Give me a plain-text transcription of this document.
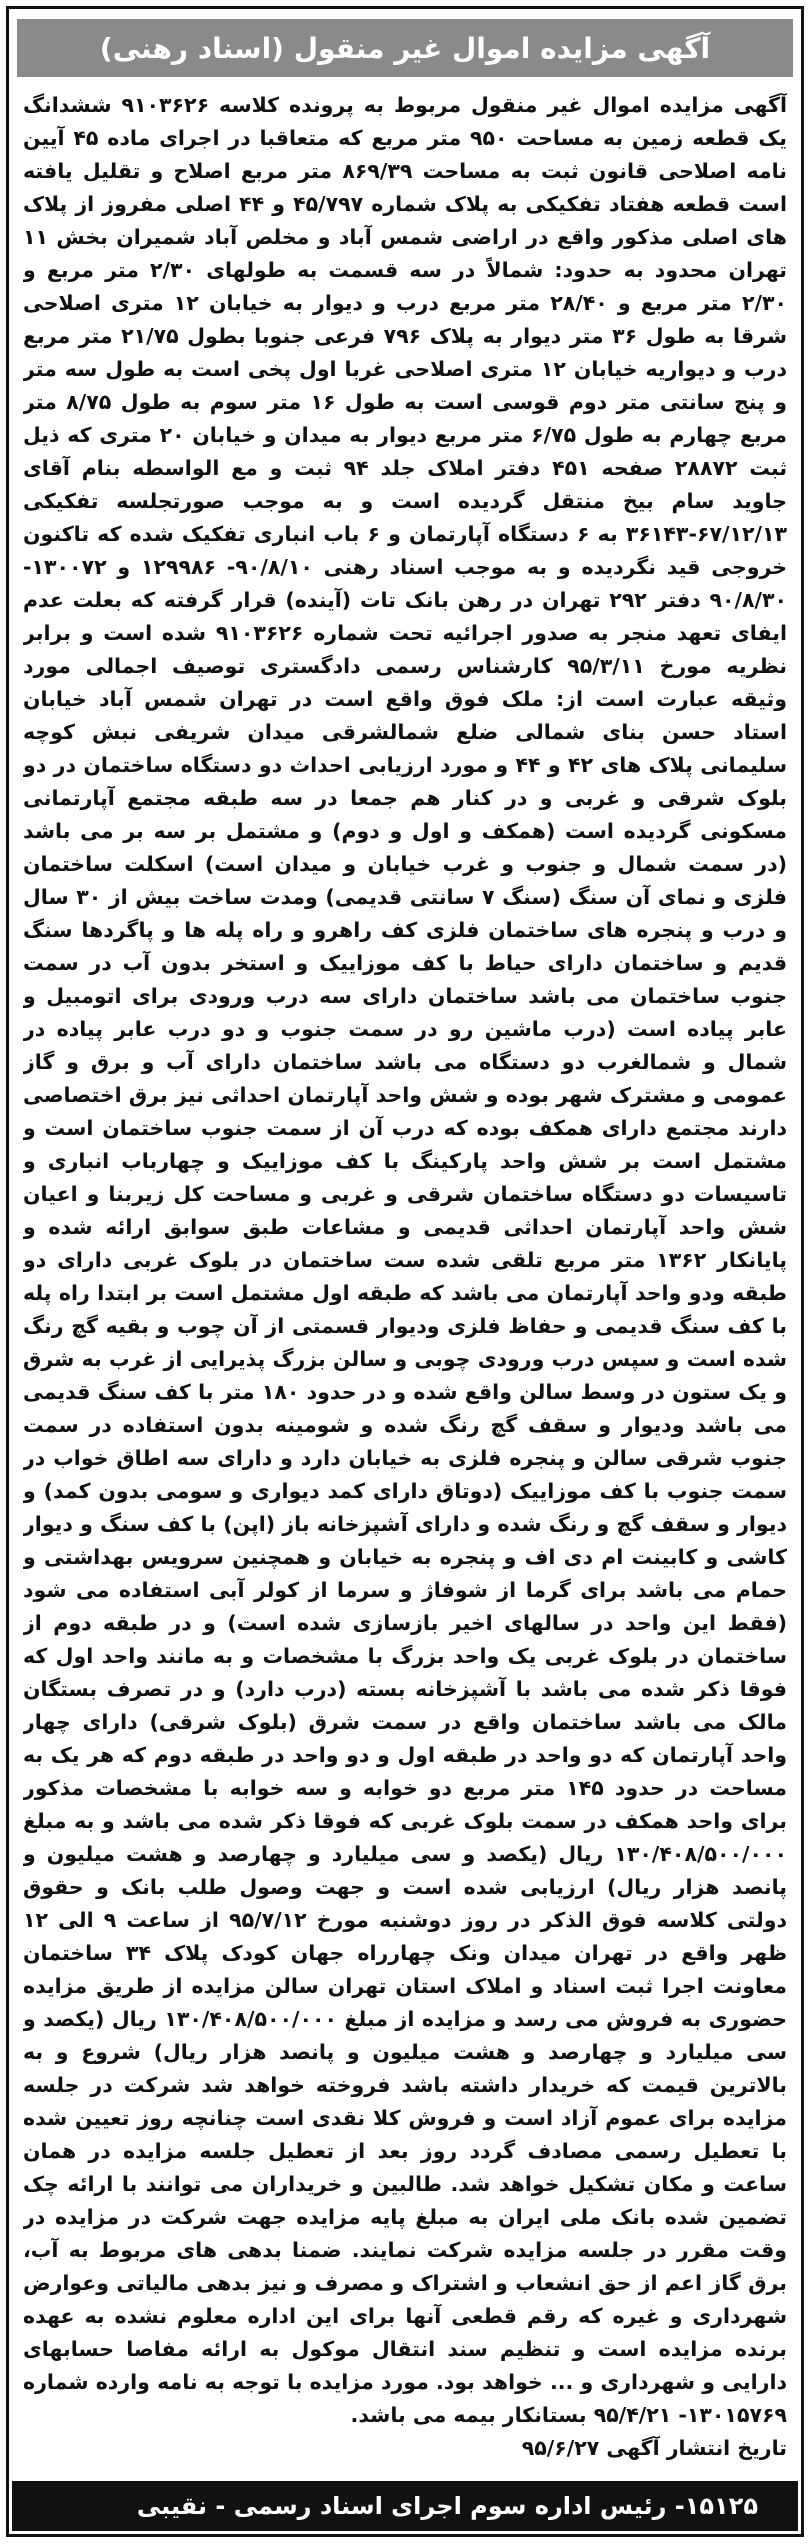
آگهی مزایده اموال غیر منقول (اسناد رهنی)

آگهی مزایده اموال غیر منقول مربوط به پرونده کلاسه ۹۱۰۳۶۲۶ ششدانگ یک قطعه زمین به مساحت ۹۵۰ متر مربع که متعاقبا در اجرای ماده ۴۵ آیین نامه اصلاحی قانون ثبت به مساحت ۸۶۹/۳۹ متر مربع اصلاح و تقلیل یافته است قطعه هفتاد تفکیکی به پلاک شماره ۴۵/۷۹۷ و ۴۴ اصلی مفروز از پلاک های اصلی مذکور واقع در اراضی شمس آباد و مخلص آباد شمیران بخش ۱۱ تهران محدود به حدود: شمالاً در سه قسمت به طولهای ۲/۳۰ متر مربع و ۲/۳۰ متر مربع و ۲۸/۴۰ متر مربع درب و دیوار به خیابان ۱۲ متری اصلاحی شرقا به طول ۳۶ متر دیوار به پلاک ۷۹۶ فرعی جنوبا بطول ۲۱/۷۵ متر مربع درب و دیواریه خیابان ۱۲ متری اصلاحی غربا اول پخی است به طول سه متر و پنج سانتی متر دوم قوسی است به طول ۱۶ متر سوم به طول ۸/۷۵ متر مربع چهارم به طول ۶/۷۵ متر مربع دیوار به میدان و خیابان ۲۰ متری که ذیل ثبت ۲۸۸۷۲ صفحه ۴۵۱ دفتر املاک جلد ۹۴ ثبت و مع الواسطه بنام آقای جاوید سام بیخ منتقل گردیده است و به موجب صورتجلسه تفکیکی ۶۷/۱۲/۱۳-۳۶۱۴۳ به ۶ دستگاه آپارتمان و ۶ باب انباری تفکیک شده که تاکنون خروجی قید نگردیده و به موجب اسناد رهنی ۹۰/۸/۱۰- ۱۲۹۹۸۶ و ۱۳۰۰۷۲- ۹۰/۸/۳۰ دفتر ۲۹۲ تهران در رهن بانک تات (آینده) قرار گرفته که بعلت عدم ایفای تعهد منجر به صدور اجرائیه تحت شماره ۹۱۰۳۶۲۶ شده است و برابر نظریه مورخ ۹۵/۳/۱۱ کارشناس رسمی دادگستری توصیف اجمالی مورد وثیقه عبارت است از: ملک فوق واقع است در تهران شمس آباد خیابان استاد حسن بنای شمالی ضلع شمالشرقی میدان شریفی نبش کوچه سلیمانی پلاک های ۴۲ و ۴۴ و مورد ارزیابی احداث دو دستگاه ساختمان در دو بلوک شرقی و غربی و در کنار هم جمعا در سه طبقه مجتمع آپارتمانی مسکونی گردیده است (همکف و اول و دوم) و مشتمل بر سه بر می باشد (در سمت شمال و جنوب و غرب خیابان و میدان است) اسکلت ساختمان فلزی و نمای آن سنگ (سنگ ۷ سانتی قدیمی) ومدت ساخت بیش از ۳۰ سال و درب و پنجره های ساختمان فلزی کف راهرو و راه پله ها و پاگردها سنگ قدیم و ساختمان دارای حیاط با کف موزاییک و استخر بدون آب در سمت جنوب ساختمان می باشد ساختمان دارای سه درب ورودی برای اتومبیل و عابر پیاده است (درب ماشین رو در سمت جنوب و دو درب عابر پیاده در شمال و شمالغرب دو دستگاه می باشد ساختمان دارای آب و برق و گاز عمومی و مشترک شهر بوده و شش واحد آپارتمان احداثی نیز برق اختصاصی دارند مجتمع دارای همکف بوده که درب آن از سمت جنوب ساختمان است و مشتمل است بر شش واحد پارکینگ با کف موزاییک و چهارباب انباری و تاسیسات دو دستگاه ساختمان شرقی و غربی و مساحت کل زیربنا و اعیان شش واحد آپارتمان احداثی قدیمی و مشاعات طبق سوابق ارائه شده و پایانکار ۱۳۶۲ متر مربع تلقی شده ست ساختمان در بلوک غربی دارای دو طبقه ودو واحد آپارتمان می باشد که طبقه اول مشتمل است بر ابتدا راه پله با کف سنگ قدیمی و حفاظ فلزی ودیوار قسمتی از آن چوب و بقیه گچ رنگ شده است و سپس درب ورودی چوبی و سالن بزرگ پذیرایی از غرب به شرق و یک ستون در وسط سالن واقع شده و در حدود ۱۸۰ متر با کف سنگ قدیمی می باشد ودیوار و سقف گچ رنگ شده و شومینه بدون استفاده در سمت جنوب شرقی سالن و پنجره فلزی به خیابان دارد و دارای سه اطاق خواب در سمت جنوب با کف موزاییک (دوتاق دارای کمد دیواری و سومی بدون کمد) و دیوار و سقف گچ و رنگ شده و دارای آشپزخانه باز (اپن) با کف سنگ و دیوار کاشی و کابینت ام دی اف و پنجره به خیابان و همچنین سرویس بهداشتی و حمام می باشد برای گرما از شوفاژ و سرما از کولر آبی استفاده می شود (فقط این واحد در سالهای اخیر بازسازی شده است) و در طبقه دوم از ساختمان در بلوک غربی یک واحد بزرگ با مشخصات و به مانند واحد اول که فوقا ذکر شده می باشد با آشپزخانه بسته (درب دارد) و در تصرف بستگان مالک می باشد ساختمان واقع در سمت شرق (بلوک شرقی) دارای چهار واحد آپارتمان که دو واحد در طبقه اول و دو واحد در طبقه دوم که هر یک به مساحت در حدود ۱۴۵ متر مربع دو خوابه و سه خوابه با مشخصات مذکور برای واحد همکف در سمت بلوک غربی که فوقا ذکر شده می باشد و به مبلغ ۱۳۰/۴۰۸/۵۰۰/۰۰۰ ریال (یکصد و سی میلیارد و چهارصد و هشت میلیون و پانصد هزار ریال) ارزیابی شده است و جهت وصول طلب بانک و حقوق دولتی کلاسه فوق الذکر در روز دوشنبه مورخ ۹۵/۷/۱۲ از ساعت ۹ الی ۱۲ ظهر واقع در تهران میدان ونک چهارراه جهان کودک پلاک ۳۴ ساختمان معاونت اجرا ثبت اسناد و املاک استان تهران سالن مزایده از طریق مزایده حضوری به فروش می رسد و مزایده از مبلغ ۱۳۰/۴۰۸/۵۰۰/۰۰۰ ریال (یکصد و سی میلیارد و چهارصد و هشت میلیون و پانصد هزار ریال) شروع و به بالاترین قیمت که خریدار داشته باشد فروخته خواهد شد شرکت در جلسه مزایده برای عموم آزاد است و فروش کلا نقدی است چنانچه روز تعیین شده با تعطیل رسمی مصادف گردد روز بعد از تعطیل جلسه مزایده در همان ساعت و مکان تشکیل خواهد شد. طالبین و خریداران می توانند با ارائه چک تضمین شده بانک ملی ایران به مبلغ پایه مزایده جهت شرکت در مزایده در وقت مقرر در جلسه مزایده شرکت نمایند. ضمنا بدهی های مربوط به آب، برق گاز اعم از حق انشعاب و اشتراک و مصرف و نیز بدهی مالیاتی وعوارض شهرداری و غیره که رقم قطعی آنها برای این اداره معلوم نشده به عهده برنده مزایده است و تنظیم سند انتقال موکول به ارائه مفاصا حسابهای دارایی و شهرداری و ... خواهد بود. مورد مزایده با توجه به نامه وارده شماره ۱۳۰۱۵۷۶۹- ۹۵/۴/۲۱ بستانکار بیمه می باشد.

تاریخ انتشار آگهی ۹۵/۶/۲۷

۱۵۱۲۵- رئیس اداره سوم اجرای اسناد رسمی - نقیبی
